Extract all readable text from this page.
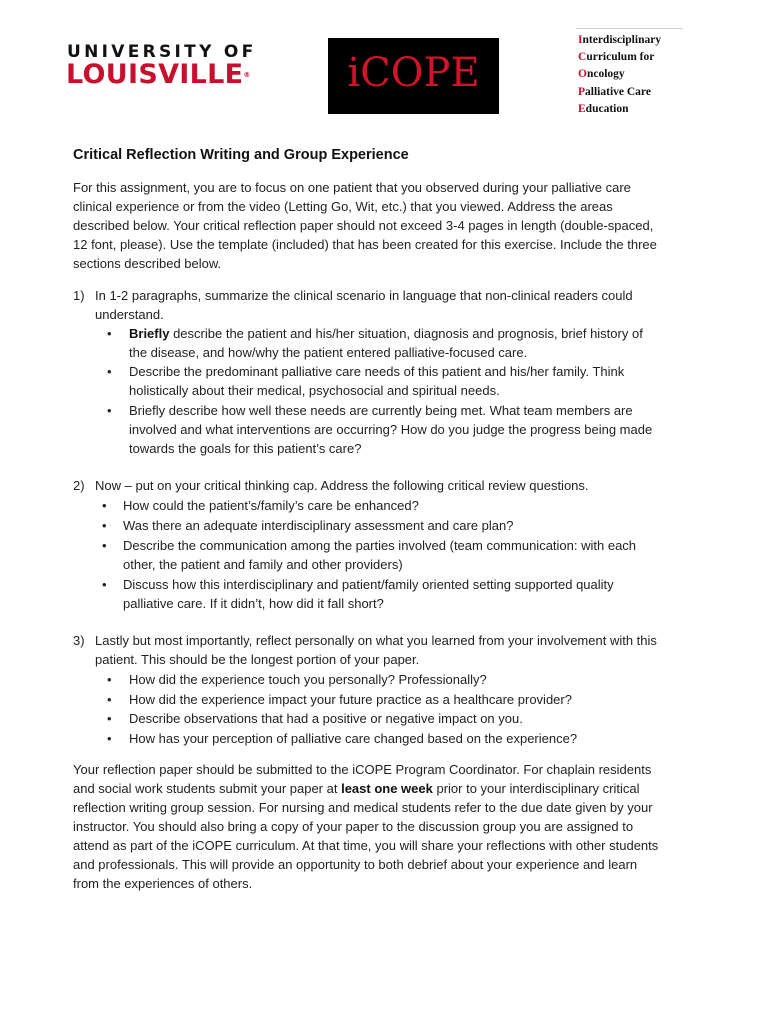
UNIVERSITY OF
LOUISVILLE®	iCOPE
Interdisciplinary
Curriculum for
Oncology
Palliative Care
Education
Critical Reflection Writing and Group Experience
For this assignment, you are to focus on one patient that you observed during your palliative care
clinical experience or from the video (Letting Go, Wit, etc.) that you viewed. Address the areas
described below. Your critical reflection paper should not exceed 3-4 pages in length (double-spaced,
12 font, please). Use the template (included) that has been created for this exercise. Include the three
sections described below.
1) In 1-2 paragraphs, summarize the clinical scenario in language that non-clinical readers could
understand.
• Briefly describe the patient and his/her situation, diagnosis and prognosis, brief history of
the disease, and how/why the patient entered palliative-focused care.
• Describe the predominant palliative care needs of this patient and his/her family. Think
holistically about their medical, psychosocial and spiritual needs.
• Briefly describe how well these needs are currently being met. What team members are
involved and what interventions are occurring? How do you judge the progress being made
towards the goals for this patient’s care?
2) Now – put on your critical thinking cap. Address the following critical review questions.
• How could the patient’s/family’s care be enhanced?
• Was there an adequate interdisciplinary assessment and care plan?
• Describe the communication among the parties involved (team communication: with each
other, the patient and family and other providers)
• Discuss how this interdisciplinary and patient/family oriented setting supported quality
palliative care. If it didn’t, how did it fall short?
3) Lastly but most importantly, reflect personally on what you learned from your involvement with this
patient. This should be the longest portion of your paper.
• How did the experience touch you personally? Professionally?
• How did the experience impact your future practice as a healthcare provider?
• Describe observations that had a positive or negative impact on you.
• How has your perception of palliative care changed based on the experience?
Your reflection paper should be submitted to the iCOPE Program Coordinator. For chaplain residents
and social work students submit your paper at least one week prior to your interdisciplinary critical
reflection writing group session. For nursing and medical students refer to the due date given by your
instructor. You should also bring a copy of your paper to the discussion group you are assigned to
attend as part of the iCOPE curriculum. At that time, you will share your reflections with other students
and professionals. This will provide an opportunity to both debrief about your experience and learn
from the experiences of others.
